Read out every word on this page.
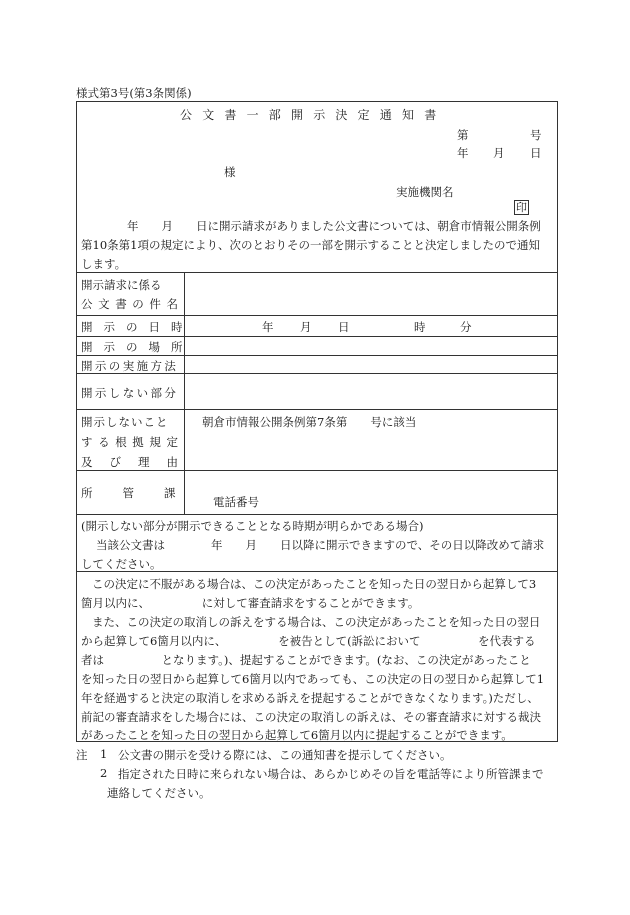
様式第3号(第3条関係)
公文書一部開示決定通知書
第	号
年 月 日
様
実施機関名
印
年　　月　　日に開示請求がありました公文書については、朝倉市情報公開条例
第10条第1項の規定により、次のとおりその一部を開示することと決定しましたので通知
します。
開示請求に係る
公文書の件名
開示の日時	年 月 日	時	分
開示の場所
開示の実施方法
開示しない部分
開示しないこと
する根拠規定
及び理由
朝倉市情報公開条例第7条第　　号に該当
所管課
電話番号
(開示しない部分が開示できることとなる時期が明らかである場合)
当該公文書は　　　　年　　月　　日以降に開示できますので、その日以降改めて請求
してください。
この決定に不服がある場合は、この決定があったことを知った日の翌日から起算して3
箇月以内に、　　　　　に対して審査請求をすることができます。
また、この決定の取消しの訴えをする場合は、この決定があったことを知った日の翌日
から起算して6箇月以内に、　　　　　を被告として(訴訟において　　　　　を代表する
者は　　　　　となります。)、提起することができます。(なお、この決定があったこと
を知った日の翌日から起算して6箇月以内であっても、この決定の日の翌日から起算して1
年を経過すると決定の取消しを求める訴えを提起することができなくなります。)ただし、
前記の審査請求をした場合には、この決定の取消しの訴えは、その審査請求に対する裁決
があったことを知った日の翌日から起算して6箇月以内に提起することができます。
注 1 公文書の開示を受ける際には、この通知書を提示してください。
2 指定された日時に来られない場合は、あらかじめその旨を電話等により所管課まで
連絡してください。
